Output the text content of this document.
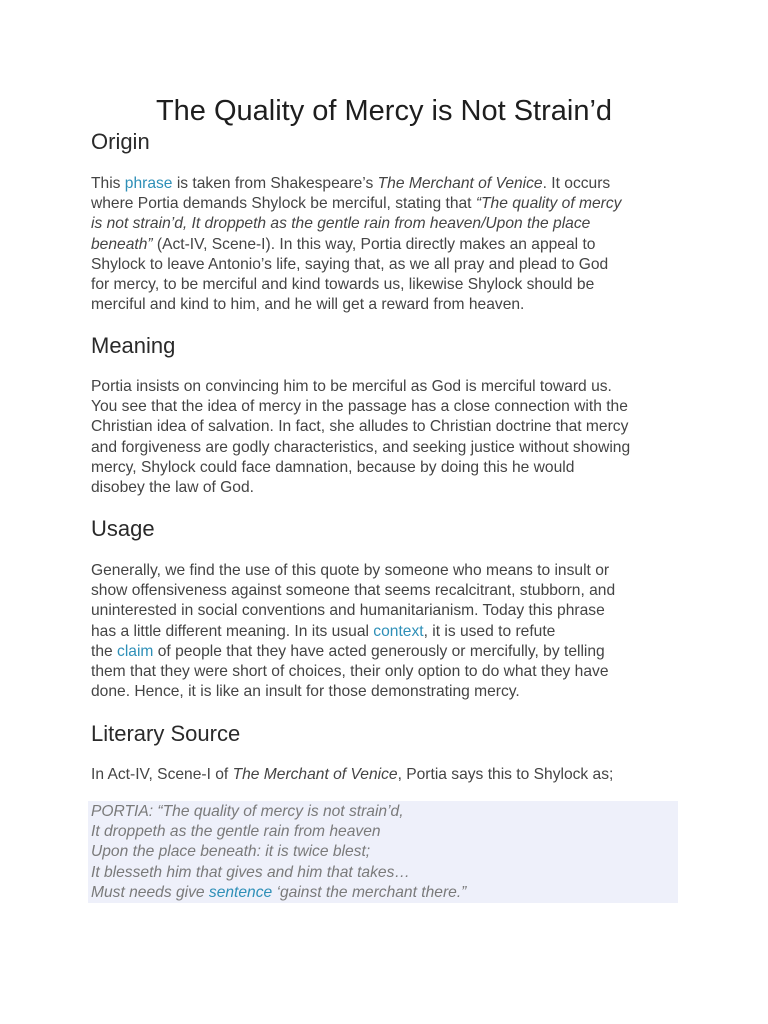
The Quality of Mercy is Not Strain’d
Origin
This phrase is taken from Shakespeare’s The Merchant of Venice. It occurs
where Portia demands Shylock be merciful, stating that “The quality of mercy
is not strain’d, It droppeth as the gentle rain from heaven/Upon the place
beneath” (Act-IV, Scene-I). In this way, Portia directly makes an appeal to
Shylock to leave Antonio’s life, saying that, as we all pray and plead to God
for mercy, to be merciful and kind towards us, likewise Shylock should be
merciful and kind to him, and he will get a reward from heaven.
Meaning
Portia insists on convincing him to be merciful as God is merciful toward us.
You see that the idea of mercy in the passage has a close connection with the
Christian idea of salvation. In fact, she alludes to Christian doctrine that mercy
and forgiveness are godly characteristics, and seeking justice without showing
mercy, Shylock could face damnation, because by doing this he would
disobey the law of God.
Usage
Generally, we find the use of this quote by someone who means to insult or
show offensiveness against someone that seems recalcitrant, stubborn, and
uninterested in social conventions and humanitarianism. Today this phrase
has a little different meaning. In its usual context, it is used to refute
the claim of people that they have acted generously or mercifully, by telling
them that they were short of choices, their only option to do what they have
done. Hence, it is like an insult for those demonstrating mercy.
Literary Source
In Act-IV, Scene-I of The Merchant of Venice, Portia says this to Shylock as;
PORTIA: “The quality of mercy is not strain’d,
It droppeth as the gentle rain from heaven
Upon the place beneath: it is twice blest;
It blesseth him that gives and him that takes…
Must needs give sentence ‘gainst the merchant there.”
